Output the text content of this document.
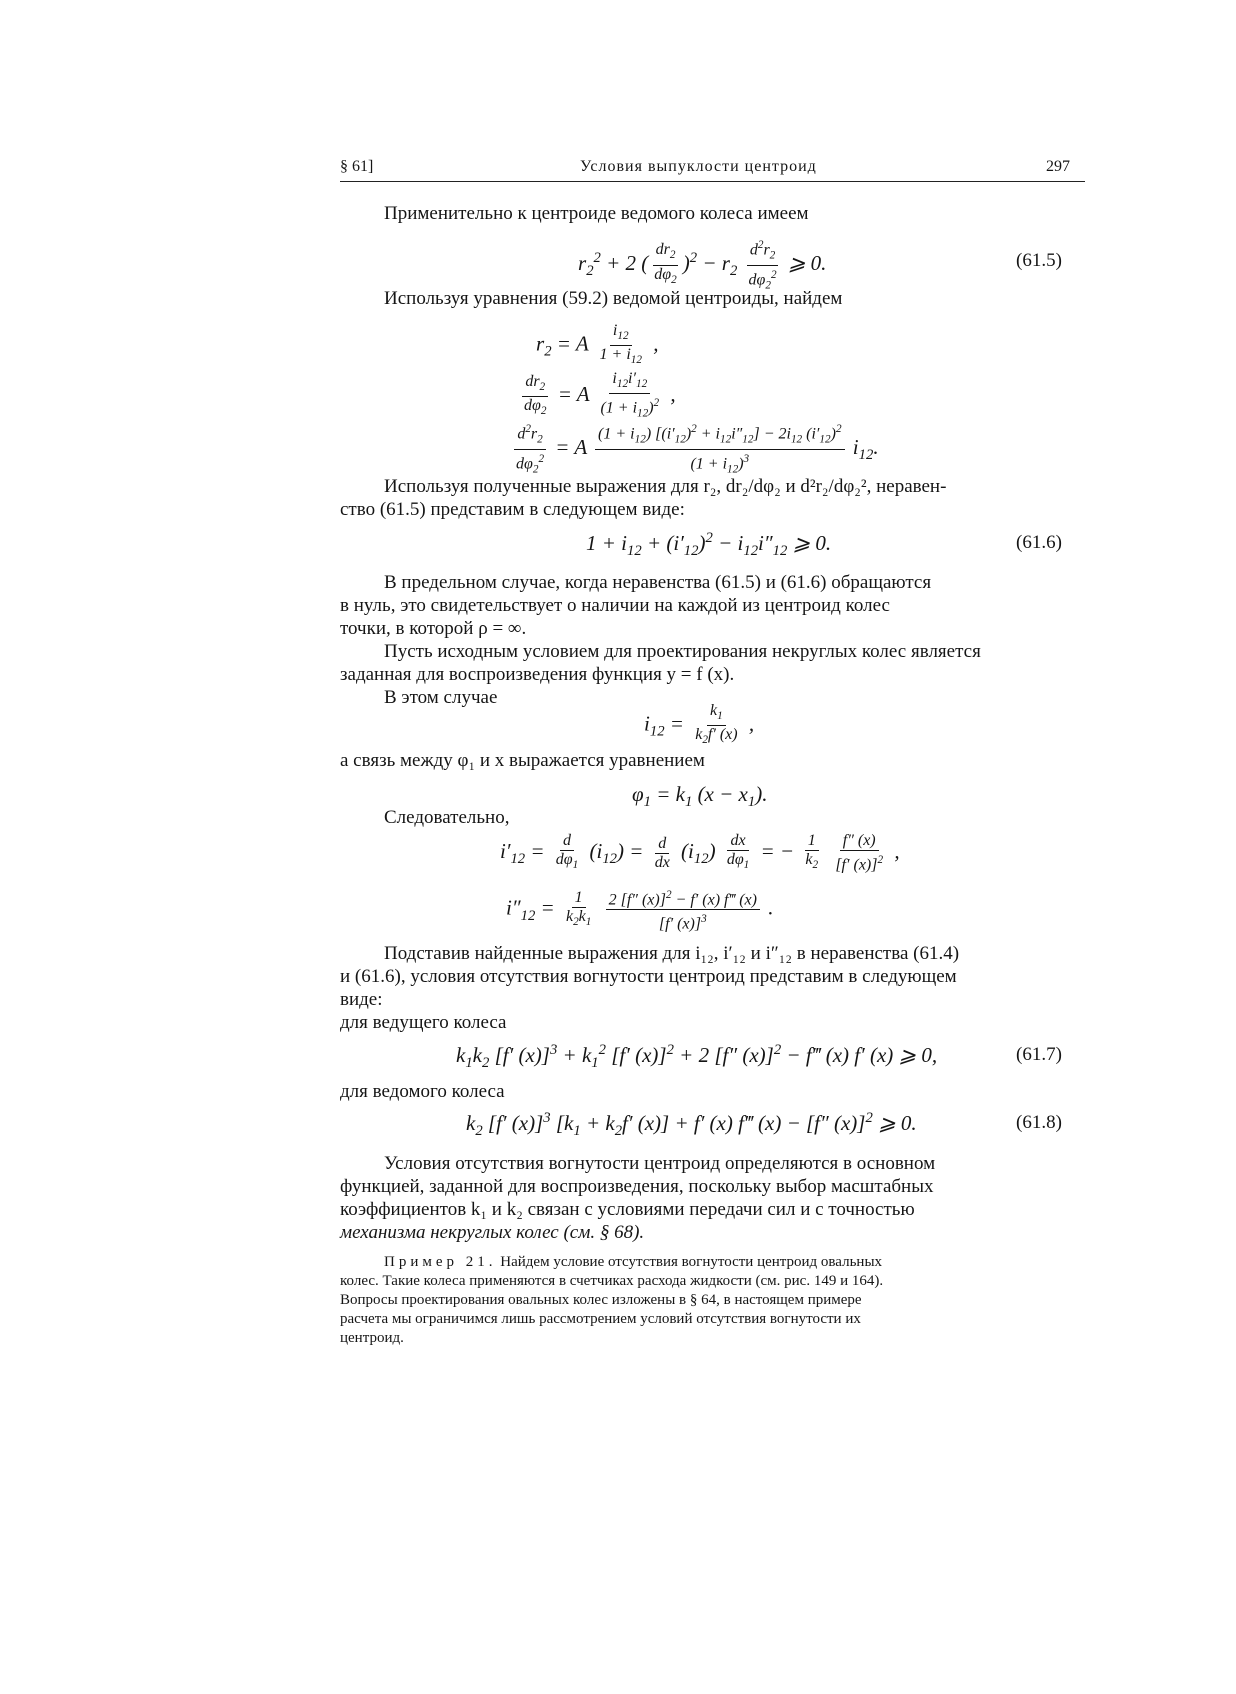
§ 61]	Условия выпуклости центроид	297
Применительно к центроиде ведомого колеса имеем
$r_2^2 + 2$ ( $\frac{dr_2}{d\varphi_2} )^2 - r_2 \frac{d^2r_2}{d\varphi_2^2}$ ⩾ 0.	(61.5)
Используя уравнения (59.2) ведомой центроиды, найдем
$r_2 = A \frac{i_{12}}{1 + i_{12}}$ ,
$\frac{dr_2}{d\varphi_2} = A \frac{i_{12}i'_{12}}{(1 + i_{12})^2}$ ,
$\frac{d^2r_2}{d\varphi_2^2} = A \frac{(1 + i_{12}) [(i'_{12})^2 + i_{12}i''_{12}] - 2i_{12} (i'_{12})^2}{(1 + i_{12})^3} i_{12}$.
Используя полученные выражения для r₂, dr₂/dφ₂ и d²r₂/dφ₂², неравен-
ство (61.5) представим в следующем виде:
$1 + i_{12} + (i'_{12})^2 - i_{12}i''_{12}$ ⩾ 0.	(61.6)
В предельном случае, когда неравенства (61.5) и (61.6) обращаются
в нуль, это свидетельствует о наличии на каждой из центроид колес
точки, в которой ρ = ∞.
Пусть исходным условием для проектирования некруглых колес является
заданная для воспроизведения функция y = f (x).
В этом случае
$i_{12} = \frac{k_1}{k_2f' (x)}$ ,
а связь между φ₁ и x выражается уравнением
$\varphi_1 = k_1$ $(x - x_1)$.
Следовательно,
$i'_{12} = \frac{d}{d\varphi_1} (i_{12}) = \frac{d}{dx} (i_{12}) \frac{dx}{d\varphi_1}$ = − $\frac{1}{k_2}$
$\frac{f'' (x)}{[f' (x)]^2}$ ,
$i''_{12} = \frac{1}{k_2k_1}$
$\frac{2 [f'' (x)]^2 - f' (x) f‴ (x)}{[f' (x)]^3}$ .
Подставив найденные выражения для i₁₂, i′₁₂ и i″₁₂ в неравенства (61.4)
и (61.6), условия отсутствия вогнутости центроид представим в следующем
виде:
для ведущего колеса
$k_1k_2$ [f′ $(x)]^3 + k_1^2$ [f′ (x)]$^2$ + 2 [f″ (x)]$^2$ − f‴ (x) f′ (x) ⩾ 0,	(61.7)
для ведомого колеса
$k_2$ [f′ (x)]$^3$ [$k_1 + k_2f'$ (x)] + f′ (x) f‴ (x) − [f″ (x)]$^2$ ⩾ 0.	(61.8)
Условия отсутствия вогнутости центроид определяются в основном
функцией, заданной для воспроизведения, поскольку выбор масштабных
коэффициентов k₁ и k₂ связан с условиями передачи сил и с точностью
механизма некруглых колес (см. § 68).
Пример 21. Найдем условие отсутствия вогнутости центроид овальных
колес. Такие колеса применяются в счетчиках расхода жидкости (см. рис. 149 и 164).
Вопросы проектирования овальных колес изложены в § 64, в настоящем примере
расчета мы ограничимся лишь рассмотрением условий отсутствия вогнутости их
центроид.
